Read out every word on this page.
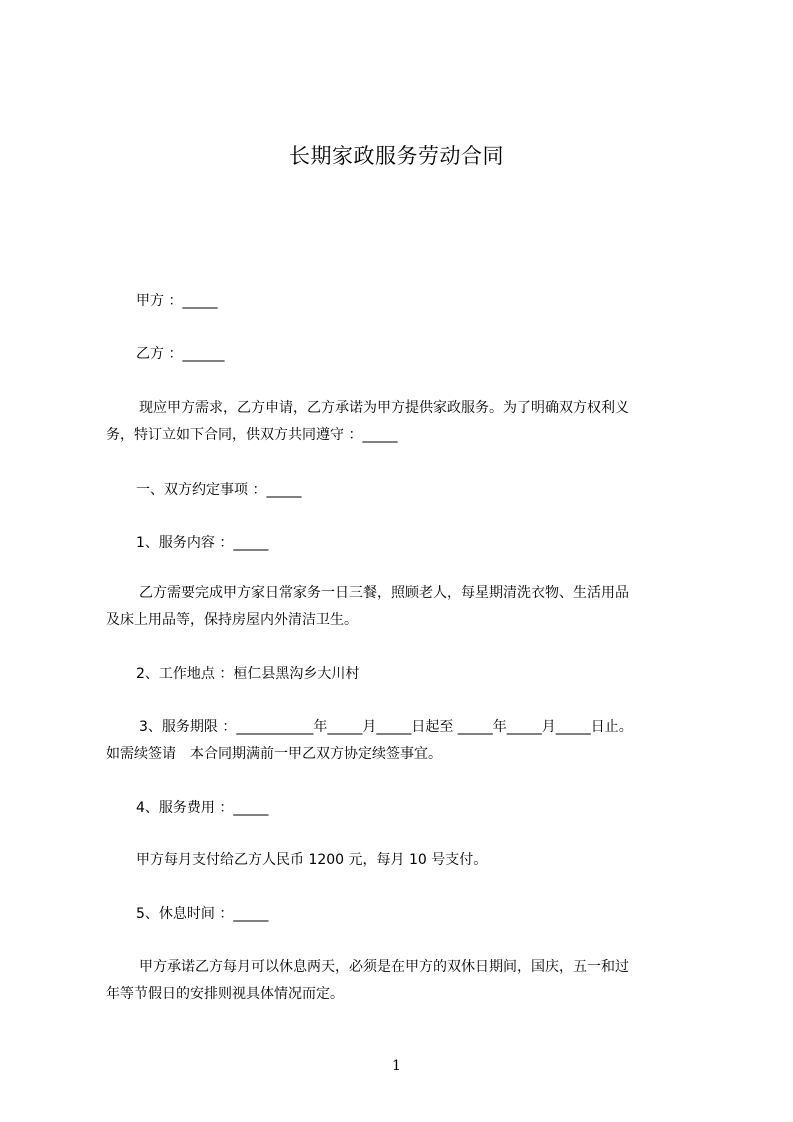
长期家政服务劳动合同
甲方 ：_____
乙方 ：______
现应甲方需求，乙方申请，乙方承诺为甲方提供家政服务。为了明确双方权利义
务，特订立如下合同，供双方共同遵守 ：_____
一、双方约定事项 ：_____
1、服务内容 ：_____
乙方需要完成甲方家日常家务一日三餐，照顾老人，每星期清洗衣物、生活用品
及床上用品等，保持房屋内外清洁卫生。
2、工作地点 ：桓仁县黑沟乡大川村
3、服务期限 ：___________年_____月_____日起至 _____年_____月_____日止。
如需续签请　本合同期满前一甲乙双方协定续签事宜。
4、服务费用 ：_____
甲方每月支付给乙方人民币 1200 元，每月 10 号支付。
5、休息时间 ：_____
甲方承诺乙方每月可以休息两天，必须是在甲方的双休日期间，国庆，五一和过
年等节假日的安排则视具体情况而定。
1
